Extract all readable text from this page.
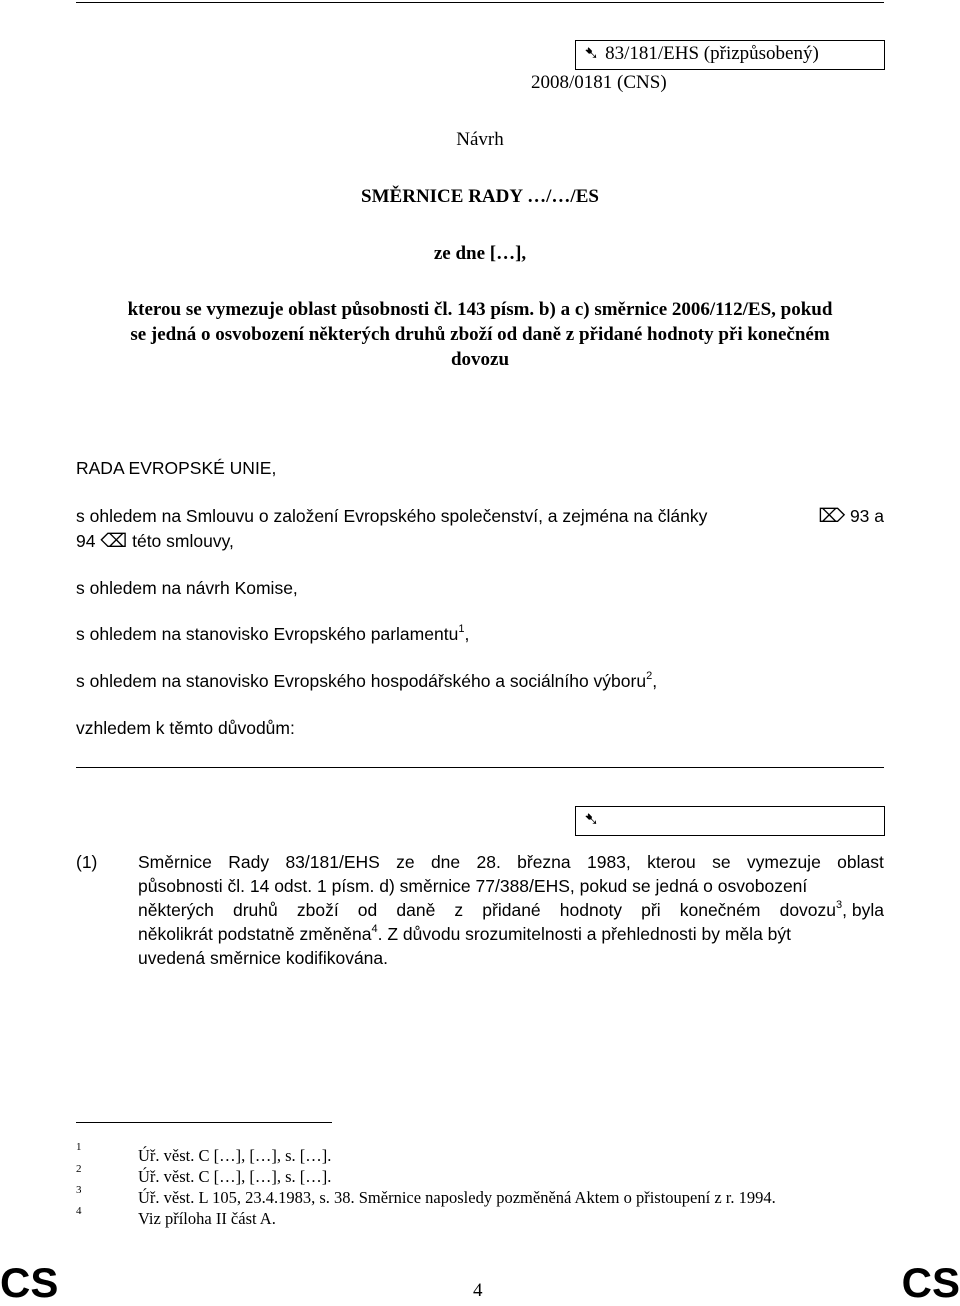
➷ 83/181/EHS (přizpůsobený)
2008/0181 (CNS)
Návrh
SMĚRNICE RADY …/…/ES
ze dne […],
kterou se vymezuje oblast působnosti čl. 143 písm. b) a c) směrnice 2006/112/ES, pokud
se jedná o osvobození některých druhů zboží od daně z přidané hodnoty při konečném
dovozu
RADA EVROPSKÉ UNIE,
s ohledem na Smlouvu o založení Evropského společenství, a zejména na články	⌦ 93 a
94 ⌫ této smlouvy,
s ohledem na návrh Komise,
s ohledem na stanovisko Evropského parlamentu$^1$,
s ohledem na stanovisko Evropského hospodářského a sociálního výboru$^2$,
vzhledem k těmto důvodům:
➷
(1) Směrnice Rady 83/181/EHS ze dne 28. března 1983, kterou se vymezuje oblast
působnosti čl. 14 odst. 1 písm. d) směrnice 77/388/EHS, pokud se jedná o osvobození
některých druhů zboží od daně z přidané hodnoty při konečném dovozu$^3$, byla
několikrát podstatně změněna$^4$. Z důvodu srozumitelnosti a přehlednosti by měla být
uvedená směrnice kodifikována.
1	Úř. věst. C […], […], s. […].
2	Úř. věst. C […], […], s. […].
3	Úř. věst. L 105, 23.4.1983, s. 38. Směrnice naposledy pozměněná Aktem o přistoupení z r. 1994.
4	Viz příloha II část A.
CS	4	CS
